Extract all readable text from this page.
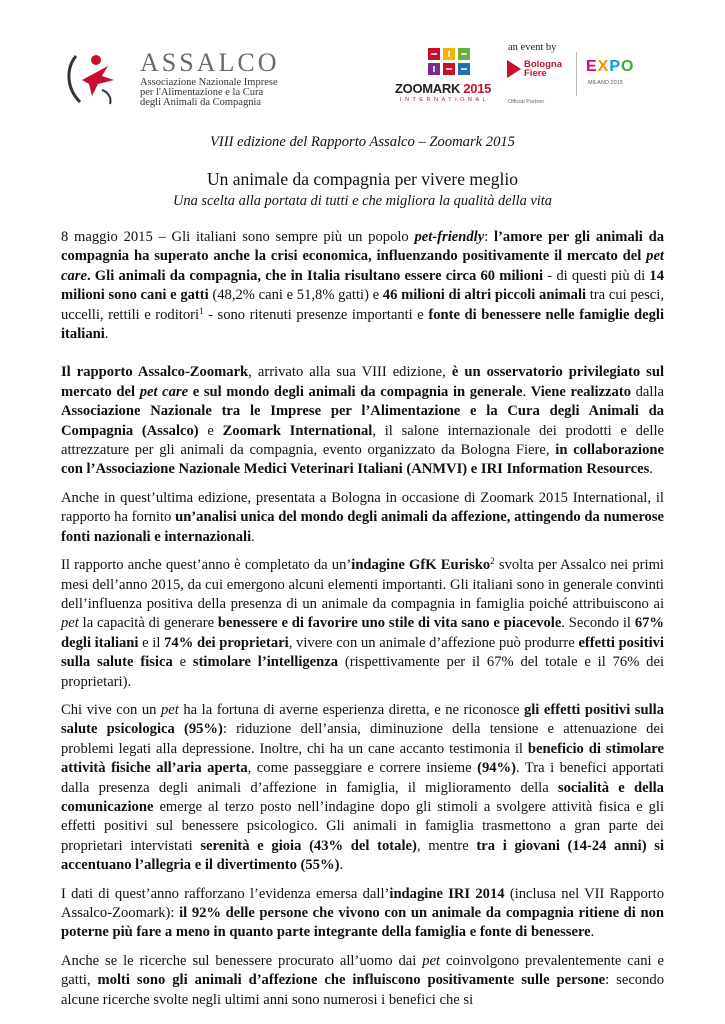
ASSALCO
Associazione Nazionale Imprese
per l'Alimentazione e la Cura
degli Animali da Compagnia
an event by
ZOOMARK 2015
INTERNATIONAL
Bologna
Fiere
Official Partner
EXPO
MILANO 2015
VIII edizione del Rapporto Assalco – Zoomark 2015
Un animale da compagnia per vivere meglio
Una scelta alla portata di tutti e che migliora la qualità della vita

8 maggio 2015 – Gli italiani sono sempre più un popolo pet-friendly: l’amore per gli animali da compagnia ha superato anche la crisi economica, influenzando positivamente il mercato del pet care. Gli animali da compagnia, che in Italia risultano essere circa 60 milioni - di questi più di 14 milioni sono cani e gatti (48,2% cani e 51,8% gatti) e 46 milioni di altri piccoli animali tra cui pesci, uccelli, rettili e roditori$^1$ - sono ritenuti presenze importanti e fonte di benessere nelle famiglie degli italiani.

Il rapporto Assalco-Zoomark, arrivato alla sua VIII edizione, è un osservatorio privilegiato sul mercato del pet care e sul mondo degli animali da compagnia in generale. Viene realizzato dalla Associazione Nazionale tra le Imprese per l’Alimentazione e la Cura degli Animali da Compagnia (Assalco) e Zoomark International, il salone internazionale dei prodotti e delle attrezzature per gli animali da compagnia, evento organizzato da Bologna Fiere, in collaborazione con l’Associazione Nazionale Medici Veterinari Italiani (ANMVI) e IRI Information Resources.

Anche in quest’ultima edizione, presentata a Bologna in occasione di Zoomark 2015 International, il rapporto ha fornito un’analisi unica del mondo degli animali da affezione, attingendo da numerose fonti nazionali e internazionali.

Il rapporto anche quest’anno è completato da un’indagine GfK Eurisko$^2$ svolta per Assalco nei primi mesi dell’anno 2015, da cui emergono alcuni elementi importanti. Gli italiani sono in generale convinti dell’influenza positiva della presenza di un animale da compagnia in famiglia poiché attribuiscono ai pet la capacità di generare benessere e di favorire uno stile di vita sano e piacevole. Secondo il 67% degli italiani e il 74% dei proprietari, vivere con un animale d’affezione può produrre effetti positivi sulla salute fisica e stimolare l’intelligenza (rispettivamente per il 67% del totale e il 76% dei proprietari).

Chi vive con un pet ha la fortuna di averne esperienza diretta, e ne riconosce gli effetti positivi sulla salute psicologica (95%): riduzione dell’ansia, diminuzione della tensione e attenuazione dei problemi legati alla depressione. Inoltre, chi ha un cane accanto testimonia il beneficio di stimolare attività fisiche all’aria aperta, come passeggiare e correre insieme (94%). Tra i benefici apportati dalla presenza degli animali d’affezione in famiglia, il miglioramento della socialità e della comunicazione emerge al terzo posto nell’indagine dopo gli stimoli a svolgere attività fisica e gli effetti positivi sul benessere psicologico. Gli animali in famiglia trasmettono a gran parte dei proprietari intervistati serenità e gioia (43% del totale), mentre tra i giovani (14-24 anni) si accentuano l’allegria e il divertimento (55%).

I dati di quest’anno rafforzano l’evidenza emersa dall’indagine IRI 2014 (inclusa nel VII Rapporto Assalco-Zoomark): il 92% delle persone che vivono con un animale da compagnia ritiene di non poterne più fare a meno in quanto parte integrante della famiglia e fonte di benessere.

Anche se le ricerche sul benessere procurato all’uomo dai pet coinvolgono prevalentemente cani e gatti, molti sono gli animali d’affezione che influiscono positivamente sulle persone: secondo alcune ricerche svolte negli ultimi anni sono numerosi i benefici che si
